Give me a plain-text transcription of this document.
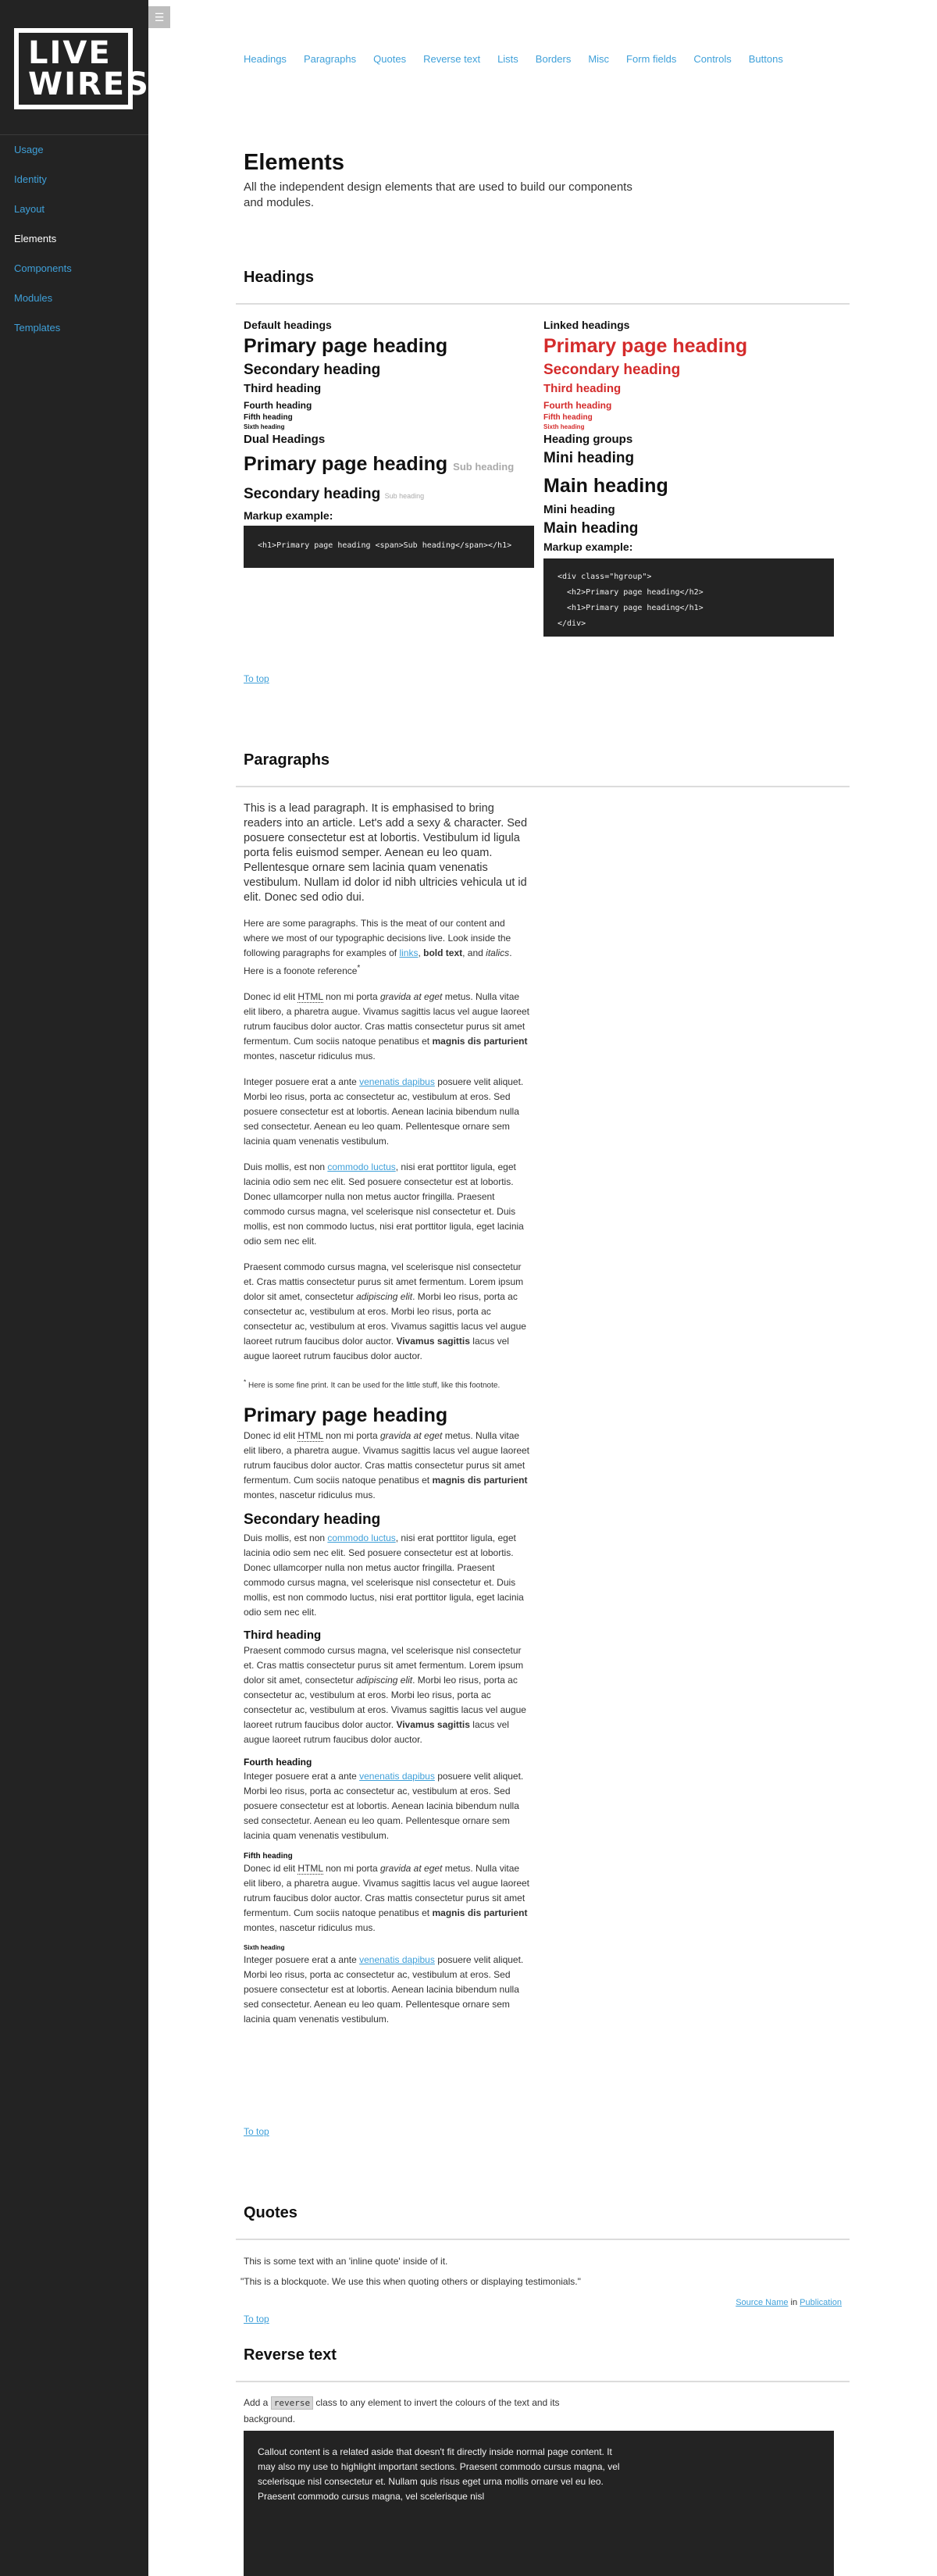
LIVE
WIRES
Usage
Identity
Layout
Elements
Components
Modules
Templates
☰
Headings Paragraphs Quotes Reverse text Lists Borders Misc Form fields Controls Buttons
Elements

All the independent design elements that are used to build our components and modules.

Headings
Default headings
Primary page heading
Secondary heading
Third heading
Fourth heading
Fifth heading
Sixth heading
Dual Headings
Primary page heading Sub heading
Secondary heading Sub heading
Markup example:
<h1>Primary page heading <span>Sub heading</span></h1>
Linked headings
Primary page heading
Secondary heading
Third heading
Fourth heading
Fifth heading
Sixth heading
Heading groups
Mini heading
Main heading
Mini heading
Main heading
Markup example:
<div class="hgroup">
<h2>Primary page heading</h2>
<h1>Primary page heading</h1>
</div>
To top
Paragraphs

This is a lead paragraph. It is emphasised to bring readers into an article. Let's add a sexy & character. Sed posuere consectetur est at lobortis. Vestibulum id ligula porta felis euismod semper. Aenean eu leo quam. Pellentesque ornare sem lacinia quam venenatis vestibulum. Nullam id dolor id nibh ultricies vehicula ut id elit. Donec sed odio dui.

Here are some paragraphs. This is the meat of our content and where we most of our typographic decisions live. Look inside the following paragraphs for examples of links, bold text, and italics. Here is a foonote reference*

Donec id elit HTML non mi porta gravida at eget metus. Nulla vitae elit libero, a pharetra augue. Vivamus sagittis lacus vel augue laoreet rutrum faucibus dolor auctor. Cras mattis consectetur purus sit amet fermentum. Cum sociis natoque penatibus et magnis dis parturient montes, nascetur ridiculus mus.

Integer posuere erat a ante venenatis dapibus posuere velit aliquet. Morbi leo risus, porta ac consectetur ac, vestibulum at eros. Sed posuere consectetur est at lobortis. Aenean lacinia bibendum nulla sed consectetur. Aenean eu leo quam. Pellentesque ornare sem lacinia quam venenatis vestibulum.

Duis mollis, est non commodo luctus, nisi erat porttitor ligula, eget lacinia odio sem nec elit. Sed posuere consectetur est at lobortis. Donec ullamcorper nulla non metus auctor fringilla. Praesent commodo cursus magna, vel scelerisque nisl consectetur et. Duis mollis, est non commodo luctus, nisi erat porttitor ligula, eget lacinia odio sem nec elit.

Praesent commodo cursus magna, vel scelerisque nisl consectetur et. Cras mattis consectetur purus sit amet fermentum. Lorem ipsum dolor sit amet, consectetur adipiscing elit. Morbi leo risus, porta ac consectetur ac, vestibulum at eros. Morbi leo risus, porta ac consectetur ac, vestibulum at eros. Vivamus sagittis lacus vel augue laoreet rutrum faucibus dolor auctor. Vivamus sagittis lacus vel augue laoreet rutrum faucibus dolor auctor.

* Here is some fine print. It can be used for the little stuff, like this footnote.

Primary page heading

Donec id elit HTML non mi porta gravida at eget metus. Nulla vitae elit libero, a pharetra augue. Vivamus sagittis lacus vel augue laoreet rutrum faucibus dolor auctor. Cras mattis consectetur purus sit amet fermentum. Cum sociis natoque penatibus et magnis dis parturient montes, nascetur ridiculus mus.

Secondary heading

Duis mollis, est non commodo luctus, nisi erat porttitor ligula, eget lacinia odio sem nec elit. Sed posuere consectetur est at lobortis. Donec ullamcorper nulla non metus auctor fringilla. Praesent commodo cursus magna, vel scelerisque nisl consectetur et. Duis mollis, est non commodo luctus, nisi erat porttitor ligula, eget lacinia odio sem nec elit.

Third heading

Praesent commodo cursus magna, vel scelerisque nisl consectetur et. Cras mattis consectetur purus sit amet fermentum. Lorem ipsum dolor sit amet, consectetur adipiscing elit. Morbi leo risus, porta ac consectetur ac, vestibulum at eros. Morbi leo risus, porta ac consectetur ac, vestibulum at eros. Vivamus sagittis lacus vel augue laoreet rutrum faucibus dolor auctor. Vivamus sagittis lacus vel augue laoreet rutrum faucibus dolor auctor.

Fourth heading

Integer posuere erat a ante venenatis dapibus posuere velit aliquet. Morbi leo risus, porta ac consectetur ac, vestibulum at eros. Sed posuere consectetur est at lobortis. Aenean lacinia bibendum nulla sed consectetur. Aenean eu leo quam. Pellentesque ornare sem lacinia quam venenatis vestibulum.

Fifth heading

Donec id elit HTML non mi porta gravida at eget metus. Nulla vitae elit libero, a pharetra augue. Vivamus sagittis lacus vel augue laoreet rutrum faucibus dolor auctor. Cras mattis consectetur purus sit amet fermentum. Cum sociis natoque penatibus et magnis dis parturient montes, nascetur ridiculus mus.

Sixth heading

Integer posuere erat a ante venenatis dapibus posuere velit aliquet. Morbi leo risus, porta ac consectetur ac, vestibulum at eros. Sed posuere consectetur est at lobortis. Aenean lacinia bibendum nulla sed consectetur. Aenean eu leo quam. Pellentesque ornare sem lacinia quam venenatis vestibulum.

To top
Quotes

This is some text with an 'inline quote' inside of it.

"This is a blockquote. We use this when quoting others or displaying testimonials."

Source Name in Publication

To top
Reverse text

Add a reverse class to any element to invert the colours of the text and its background.

Callout content is a related aside that doesn't fit directly inside normal page content. It may also my use to highlight important sections. Praesent commodo cursus magna, vel scelerisque nisl consectetur et. Nullam quis risus eget urna mollis ornare vel eu leo. Praesent commodo cursus magna, vel scelerisque nisl
